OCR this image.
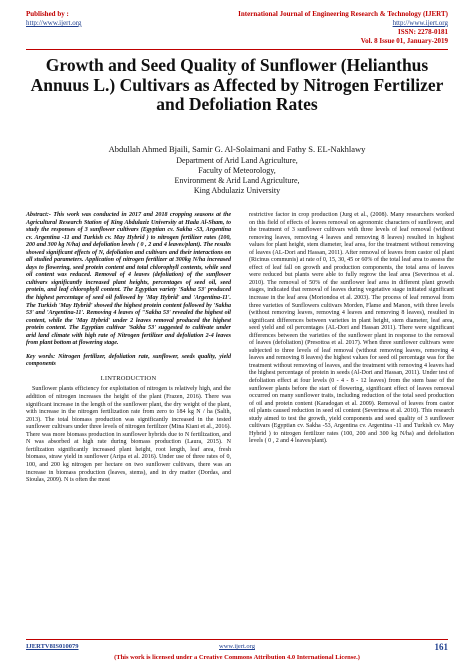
Published by :
http://www.ijert.org
International Journal of Engineering Research & Technology (IJERT)
http://www.ijert.org
ISSN: 2278-0181
Vol. 8 Issue 01, January-2019
Growth and Seed Quality of Sunflower (Helianthus Annuus L.) Cultivars as Affected by Nitrogen Fertilizer and Defoliation Rates
Abdullah Ahmed Bjaili, Samir G. Al-Solaimani and Fathy S. EL-Nakhlawy
Department of Arid Land Agriculture,
Faculty of Meteorology,
Environment & Arid Land Agriculture,
King Abdulaziz University
Abstract:- This work was conducted in 2017 and 2018 cropping seasons at the Agricultural Research Station of King Abdulaziz University at Hada Al-Sham, to study the responses of 3 sunflower cultivars (Egyptian cv. Sakha -53, Argentina cv. Argentina -11 and Turkish cv. May Hybrid ) to nitrogen fertilizer rates (100, 200 and 300 kg N/ha) and defoliation levels ( 0 , 2 and 4 leaves/plant). The results showed significant effects of N, defoliation and cultivars and their interactions on all studied parameters. Application of nitrogen fertilizer at 300kg N/ha increased days to flowering, seed protein content and total chlorophyll contents, while seed oil content was reduced. Removal of 4 leaves (defoliation) of the sunflower cultivars significantly increased plant heights, percentages of seed oil, seed protein, and leaf chlorophyll content. The Egyptian variety 'Sakha 53' produced the highest percentage of seed oil followed by 'May Hybrid' and 'Argentina-11'. The Turkish 'May Hybrid' showed the highest protein content followed by 'Sakha 53' and 'Argentina-11'. Removing 4 leaves of ''Sakha 53' revealed the highest oil content, while the 'May Hybrid' under 2 leaves removal produced the highest protein content. The Egyptian cultivar 'Sakha 53' suggested to cultivate under arid land climate with high rate of Nitrogen fertilizer and defoliation 2-4 leaves from plant bottom at flowering stage.
Key words: Nitrogen fertilizer, defoliation rate, sunflower, seeds quality, yield components
I.INTRODUCTION
Sunflower plants efficiency for exploitation of nitrogen is relatively high, and the addition of nitrogen increases the height of the plant (Frazen, 2016). There was significant increase in the length of the sunflower plant, the dry weight of the plant, with increase in the nitrogen fertilization rate from zero to 184 kg N / ha (Salih, 2013). The total biomass production was significantly increased in the tested sunflower cultivars under three levels of nitrogen fertilizer (Mina Kiani et al., 2016). There was more biomass production in sunflower hybrids due to N fertilization, and N was absorbed at high rate during biomass production (Laura, 2015). N fertilization significantly increased plant height, root length, leaf area, fresh biomass, straw yield in sunflower (Aripa et al. 2016). Under use of three rates of 0, 100, and 200 kg nitrogen per hectare on two sunflower cultivars, there was an increase in biomass production (leaves, stems), and in dry matter (Dordas, and Sioulas, 2009). N is often the most
restrictive factor in crop production (Jurg et al., (2008). Many researchers worked on this field of effects of leaves removal on agronomic characters of sunflower, and the treatment of 3 sunflower cultivars with three levels of leaf removal (without removing leaves, removing 4 leaves and removing 8 leaves) resulted in highest values for plant height, stem diameter, leaf area, for the treatment without removing of leaves (AL-Dori and Hassan, 2011). After removal of leaves from castor oil plant (Ricinus communis) at rate of 0, 15, 30, 45 or 60% of the total leaf area to assess the effect of leaf fall on growth and production components, the total area of leaves were reduced but plants were able to fully regrow the leaf area (Severinoa et al. 2010). The removal of 50% of the sunflower leaf area in different plant growth stages, indicated that removal of leaves during vegetative stage initiated significant increase in the leaf area (Moriondoa et al. 2003). The process of leaf removal from three varieties of Sunflowers cultivars Morden, Flame and Manon, with three levels (without removing leaves, removing 4 leaves and removing 8 leaves), resulted in significant differences between varieties in plant height, stem diameter, leaf area, seed yield and oil percentages (AL-Dori and Hassan 2011). There were significant differences between the varieties of the sunflower plant in response to the removal of leaves (defoliation) (Presottoa et al. 2017). When three sunflower cultivars were subjected to three levels of leaf removal (without removing leaves, removing 4 leaves and removing 8 leaves) the highest values for seed oil percentage was for the treatment without removing of leaves, and the treatment with removing 4 leaves had the highest percentage of protein in seeds (Al-Dori and Hassan, 2011). Under test of defoliation effect at four levels (0 - 4 - 8 - 12 leaves) from the stem base of the sunflower plants before the start of flowering, significant effect of leaves removal occurred on many sunflower traits, including reduction of the total seed production of oil and protein content (Karadogan et al. 2009). Removal of leaves from castor oil plants caused reduction in seed oil content (Severinoa et al. 2010). This research study aimed to test the growth, yield components and seed quality of 3 sunflower cultivars (Egyptian cv. Sakha -53, Argentina cv. Argentina -11 and Turkish cv. May Hybrid ) to nitrogen fertilizer rates (100, 200 and 300 kg N/ha) and defoliation levels ( 0 , 2 and 4 leaves/plant).
IJERTV8IS010079	www.ijert.org	161
(This work is licensed under a Creative Commons Attribution 4.0 International License.)
